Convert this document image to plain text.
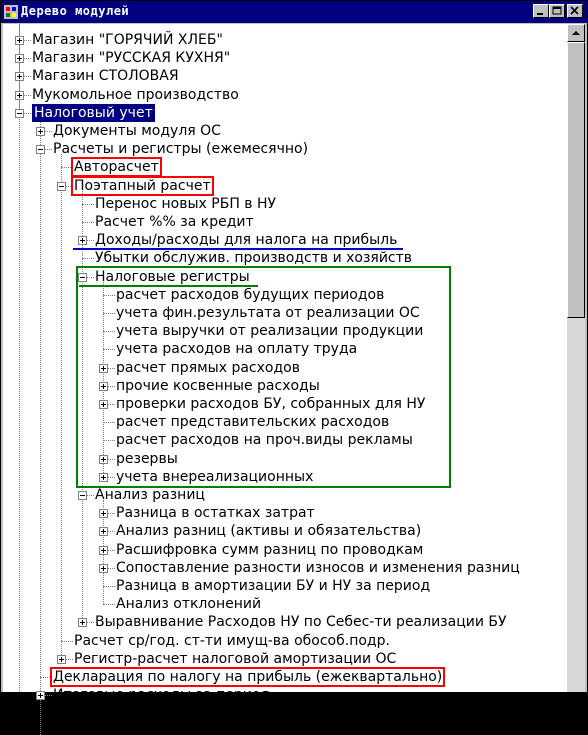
Дерево модулей
Магазин "ГОРЯЧИЙ ХЛЕБ"
Магазин "РУССКАЯ КУХНЯ"
Магазин СТОЛОВАЯ
Мукомольное производство
Налоговый учет
Документы модуля ОС
Расчеты и регистры (ежемесячно)
Авторасчет
Поэтапный расчет
Перенос новых РБП в НУ
Расчет %% за кредит
Доходы/расходы для налога на прибыль
Убытки обслужив. производств и хозяйств
Налоговые регистры
расчет расходов будущих периодов
учета фин.результата от реализации ОС
учета выручки от реализации продукции
учета расходов на оплату труда
расчет прямых расходов
прочие косвенные расходы
проверки расходов БУ, собранных для НУ
расчет представительских расходов
расчет расходов на проч.виды рекламы
резервы
учета внереализационных
Анализ разниц
Разница в остатках затрат
Анализ разниц (активы и обязательства)
Расшифровка сумм разниц по проводкам
Сопоставление разности износов и изменения разниц
Разница в амортизации БУ и НУ за период
Анализ отклонений
Выравнивание Расходов НУ по Себес-ти реализации БУ
Расчет ср/год. ст-ти имущ-ва обособ.подр.
Регистр-расчет налоговой амортизации ОС
Декларация по налогу на прибыль (ежеквартально)
Итоговые расходы за период
